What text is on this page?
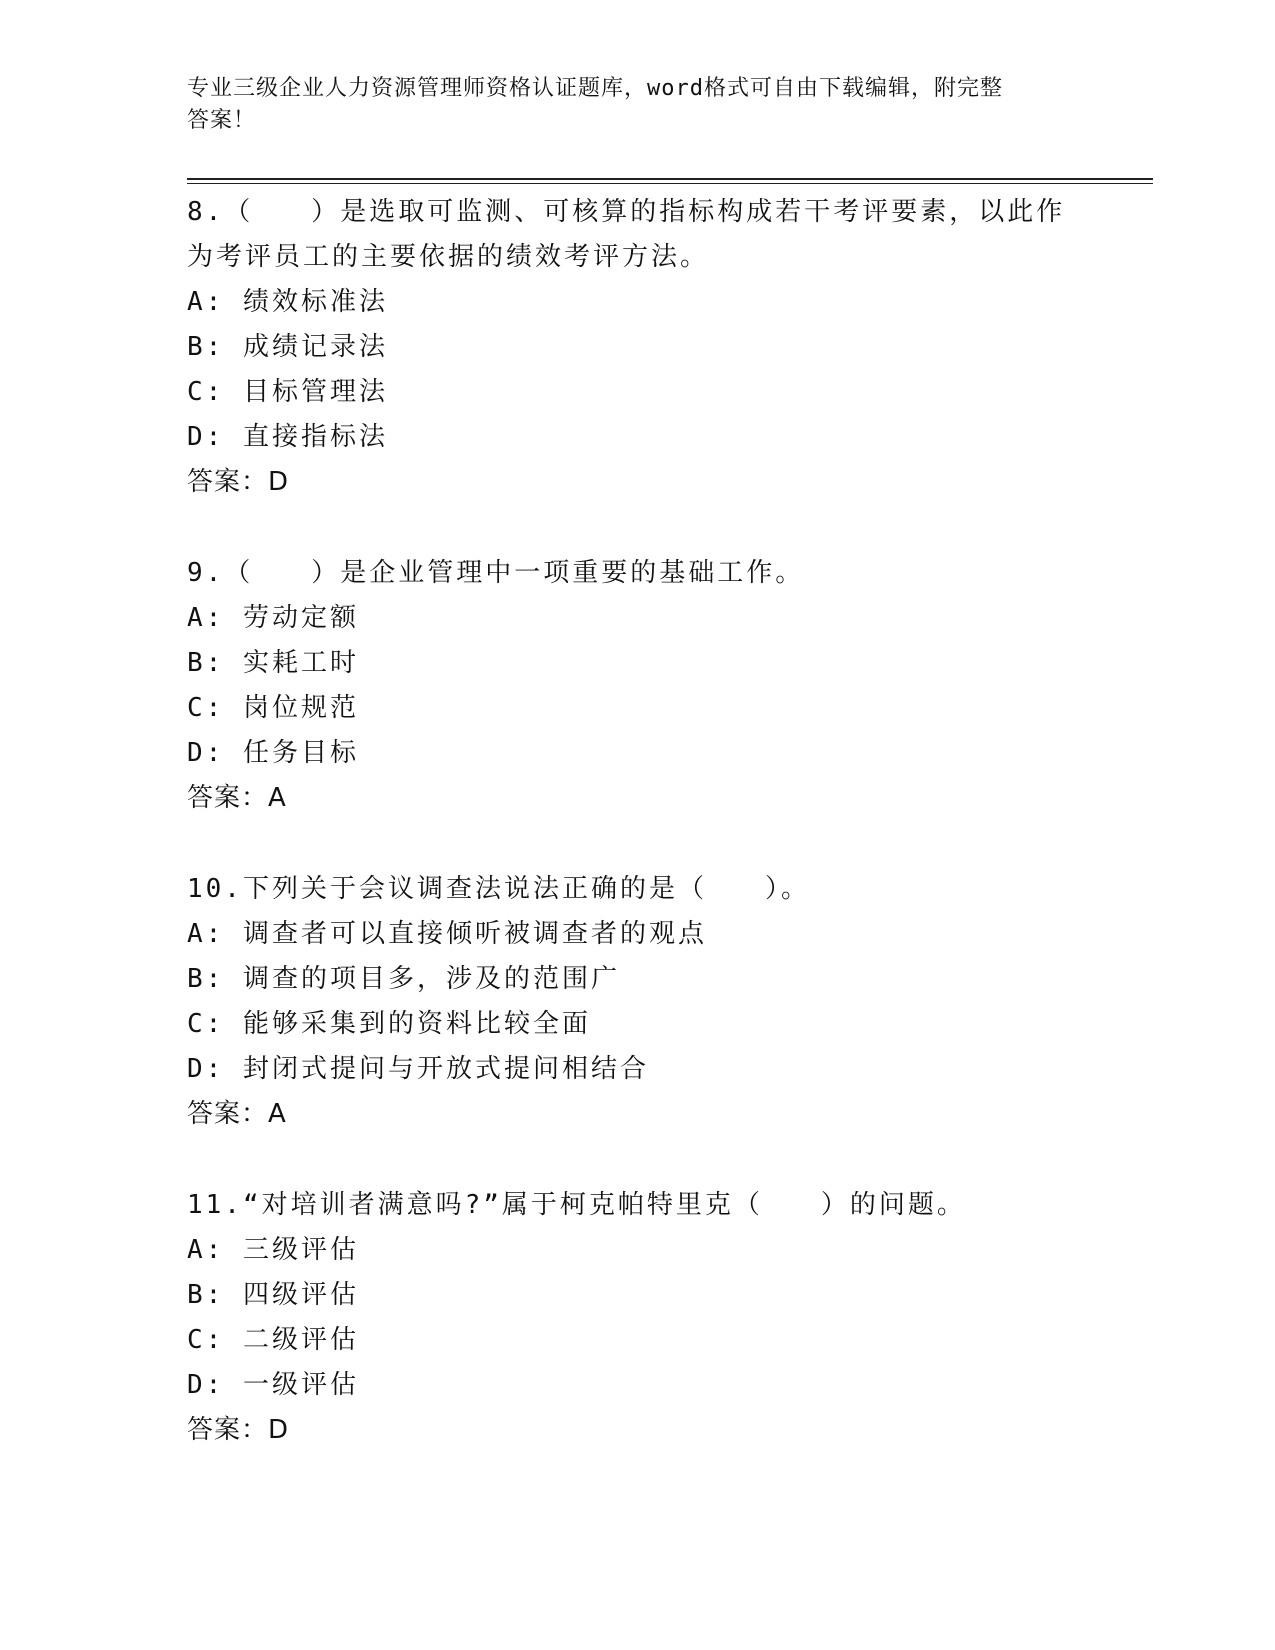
专业三级企业人力资源管理师资格认证题库，word格式可自由下载编辑，附完整
答案！

8.（　　）是选取可监测、可核算的指标构成若干考评要素，以此作
为考评员工的主要依据的绩效考评方法。

A: 绩效标准法

B: 成绩记录法

C: 目标管理法

D: 直接指标法

答案：D

9.（　　）是企业管理中一项重要的基础工作。

A: 劳动定额

B: 实耗工时

C: 岗位规范

D: 任务目标

答案：A

10.下列关于会议调查法说法正确的是（　　）。

A: 调查者可以直接倾听被调查者的观点

B: 调查的项目多，涉及的范围广

C: 能够采集到的资料比较全面

D: 封闭式提问与开放式提问相结合

答案：A

11.“对培训者满意吗?”属于柯克帕特里克（　　）的问题。

A: 三级评估

B: 四级评估

C: 二级评估

D: 一级评估

答案：D
